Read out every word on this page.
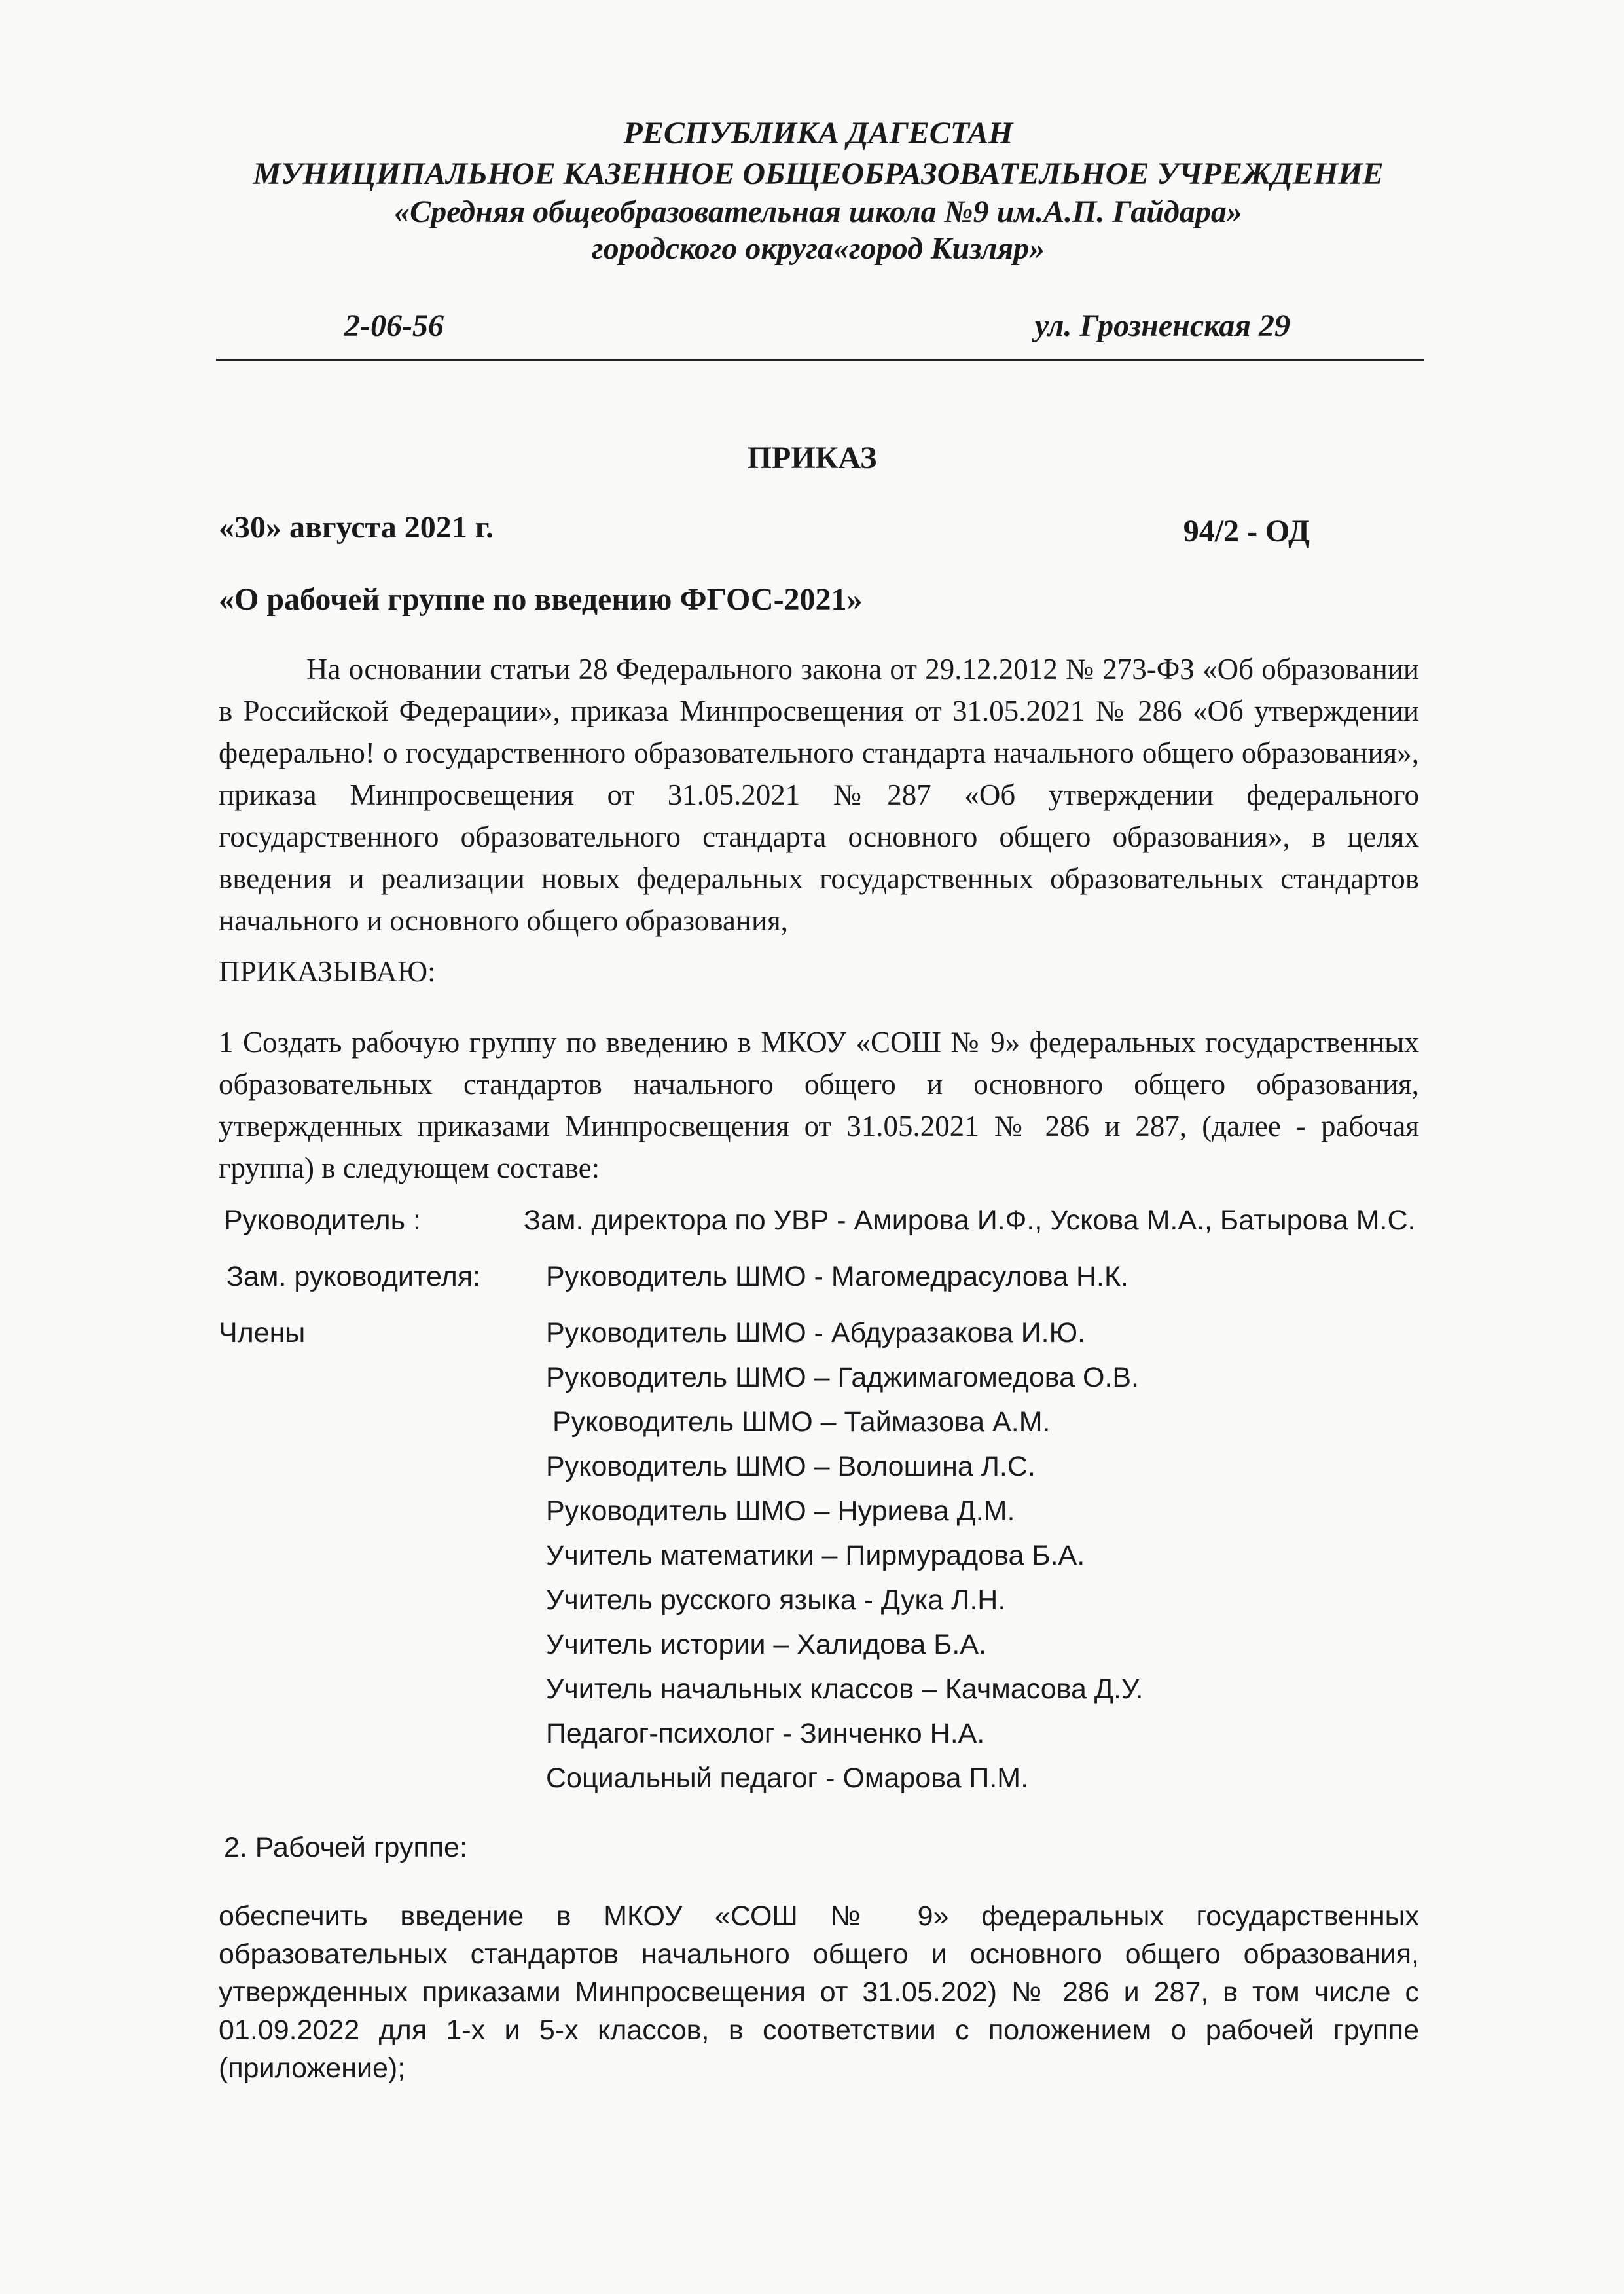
РЕСПУБЛИКА ДАГЕСТАН
МУНИЦИПАЛЬНОЕ КАЗЕННОЕ ОБЩЕОБРАЗОВАТЕЛЬНОЕ УЧРЕЖДЕНИЕ
«Средняя общеобразовательная школа №9 им.А.П. Гайдара»
городского округа«город Кизляр»
2-06-56	ул. Грозненская 29
ПРИКАЗ
«30» августа 2021 г.	94/2 - ОД
«О рабочей группе по введению ФГОС-2021»
На основании статьи 28 Федерального закона от 29.12.2012 № 273-ФЗ «Об образовании в Российской Федерации», приказа Минпросвещения от 31.05.2021 № 286 «Об утверждении федерально! о государственного образовательного стандарта начального общего образования», приказа Минпросвещения от 31.05.2021 №287 «Об утверждении федерального государственного образовательного стандарта основного общего образования», в целях введения и реализации новых федеральных государственных образовательных стандартов начального и основного общего образования,
ПРИКАЗЫВАЮ:
1 Создать рабочую группу по введению в МКОУ «СОШ № 9» федеральных государственных образовательных стандартов начального общего и основного общего образования, утвержденных приказами Минпросвещения от 31.05.2021 № 286 и 287, (далее - рабочая группа) в следующем составе:
Руководитель :	Зам. директора по УВР - Амирова И.Ф., Ускова М.А., Батырова М.С.
Зам. руководителя: Руководитель ШМО - Магомедрасулова Н.К.
Члены	Руководитель ШМО - Абдуразакова И.Ю.
Руководитель ШМО – Гаджимагомедова О.В.
Руководитель ШМО – Таймазова А.М.
Руководитель ШМО – Волошина Л.С.
Руководитель ШМО – Нуриева Д.М.
Учитель математики – Пирмурадова Б.А.
Учитель русского языка - Дука Л.Н.
Учитель истории – Халидова Б.А.
Учитель начальных классов – Качмасова Д.У.
Педагог-психолог - Зинченко Н.А.
Социальный педагог - Омарова П.М.
2. Рабочей группе:
обеспечить введение в МКОУ «СОШ № 9» федеральных государственных образовательных стандартов начального общего и основного общего образования, утвержденных приказами Минпросвещения от 31.05.202) № 286 и 287, в том числе с 01.09.2022 для 1-х и 5-х классов, в соответствии с положением о рабочей группе (приложение);
